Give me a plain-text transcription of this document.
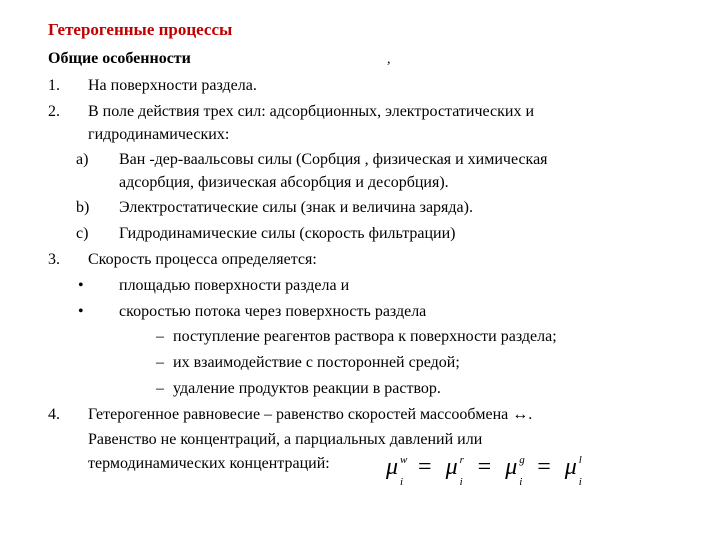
Гетерогенные процессы
Общие особенности	,
1. На поверхности раздела.
2. В поле действия трех сил: адсорбционных, электростатических и
гидродинамических:
a) Ван -дер-ваальсовы силы (Сорбция , физическая и химическая
адсорбция, физическая абсорбция и десорбция).
b) Электростатические силы (знак и величина заряда).
c) Гидродинамические силы (скорость фильтрации)
3. Скорость процесса определяется:
• площадью поверхности раздела и
• скоростью потока через поверхность раздела
– поступление реагентов раствора к поверхности раздела;
– их взаимодействие с посторонней средой;
– удаление продуктов реакции в раствор.
4. Гетерогенное равновесие – равенство скоростей массообмена ↔.
Равенство не концентраций, а парциальных давлений или
термодинамических концентраций: μ w
i
= μ r
i
= μ g
i
= μ l
i
